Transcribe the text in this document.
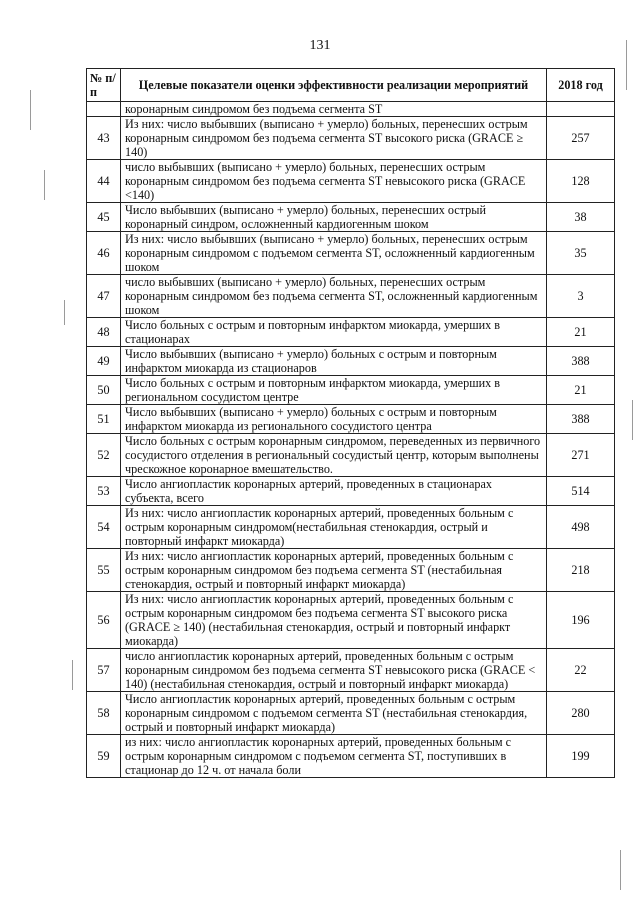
131
№ п/п	Целевые показатели оценки эффективности реализации мероприятий	2018 год
	коронарным синдромом без подъема сегмента ST	
43	Из них: число выбывших (выписано + умерло) больных, перенесших острым коронарным синдромом без подъема сегмента ST высокого риска (GRACE ≥ 140)	257
44	число выбывших (выписано + умерло) больных, перенесших острым коронарным синдромом без подъема сегмента ST невысокого риска (GRACE <140)	128
45	Число выбывших (выписано + умерло) больных, перенесших острый коронарный синдром, осложненный кардиогенным шоком	38
46	Из них: число выбывших (выписано + умерло) больных, перенесших острым коронарным синдромом с подъемом сегмента ST, осложненный кардиогенным шоком	35
47	число выбывших (выписано + умерло) больных, перенесших острым коронарным синдромом без подъема сегмента ST, осложненный кардиогенным шоком	3
48	Число больных с острым и повторным инфарктом миокарда, умерших в стационарах	21
49	Число выбывших (выписано + умерло) больных с острым и повторным инфарктом миокарда из стационаров	388
50	Число больных с острым и повторным инфарктом миокарда, умерших в региональном сосудистом центре	21
51	Число выбывших (выписано + умерло) больных с острым и повторным инфарктом миокарда из регионального сосудистого центра	388
52	Число больных с острым коронарным синдромом, переведенных из первичного сосудистого отделения в региональный сосудистый центр, которым выполнены чрескожное коронарное вмешательство.	271
53	Число ангиопластик коронарных артерий, проведенных в стационарах субъекта, всего	514
54	Из них: число ангиопластик коронарных артерий, проведенных больным с острым коронарным синдромом(нестабильная стенокардия, острый и повторный инфаркт миокарда)	498
55	Из них: число ангиопластик коронарных артерий, проведенных больным с острым коронарным синдромом без подъема сегмента ST (нестабильная стенокардия, острый и повторный инфаркт миокарда)	218
56	Из них: число ангиопластик коронарных артерий, проведенных больным с острым коронарным синдромом без подъема сегмента ST высокого риска (GRACE ≥ 140) (нестабильная стенокардия, острый и повторный инфаркт миокарда)	196
57	число ангиопластик коронарных артерий, проведенных больным с острым коронарным синдромом без подъема сегмента ST невысокого риска (GRACE < 140) (нестабильная стенокардия, острый и повторный инфаркт миокарда)	22
58	Число ангиопластик коронарных артерий, проведенных больным с острым коронарным синдромом с подъемом сегмента ST (нестабильная стенокардия, острый и повторный инфаркт миокарда)	280
59	из них: число ангиопластик коронарных артерий, проведенных больным с острым коронарным синдромом с подъемом сегмента ST, поступивших в стационар до 12 ч. от начала боли	199
